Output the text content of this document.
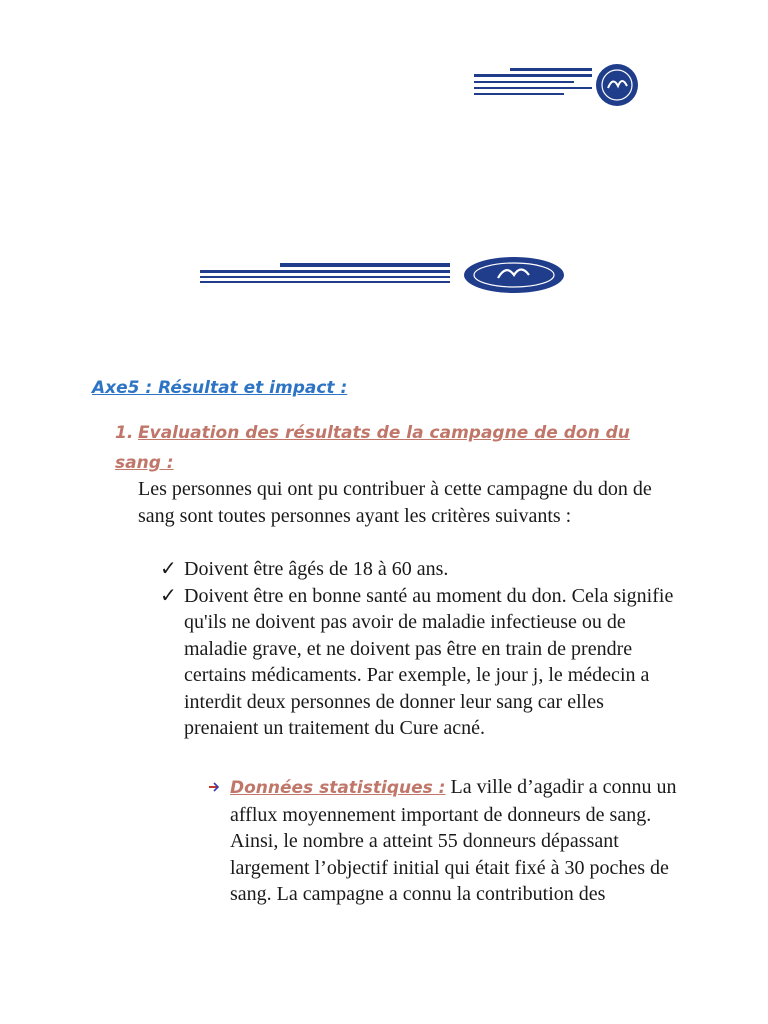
Axe5 : Résultat et impact :
1. Evaluation des résultats de la campagne de don du sang :
Les personnes qui ont pu contribuer à cette campagne du don de sang sont toutes personnes ayant les critères suivants :
✓ Doivent être âgés de 18 à 60 ans.
✓ Doivent être en bonne santé au moment du don. Cela signifie qu'ils ne doivent pas avoir de maladie infectieuse ou de maladie grave, et ne doivent pas être en train de prendre certains médicaments. Par exemple, le jour j, le médecin a interdit deux personnes de donner leur sang car elles prenaient un traitement du Cure acné.
Données statistiques : La ville d’agadir a connu un afflux moyennement important de donneurs de sang. Ainsi, le nombre a atteint 55 donneurs dépassant largement l’objectif initial qui était fixé à 30 poches de sang. La campagne a connu la contribution des
